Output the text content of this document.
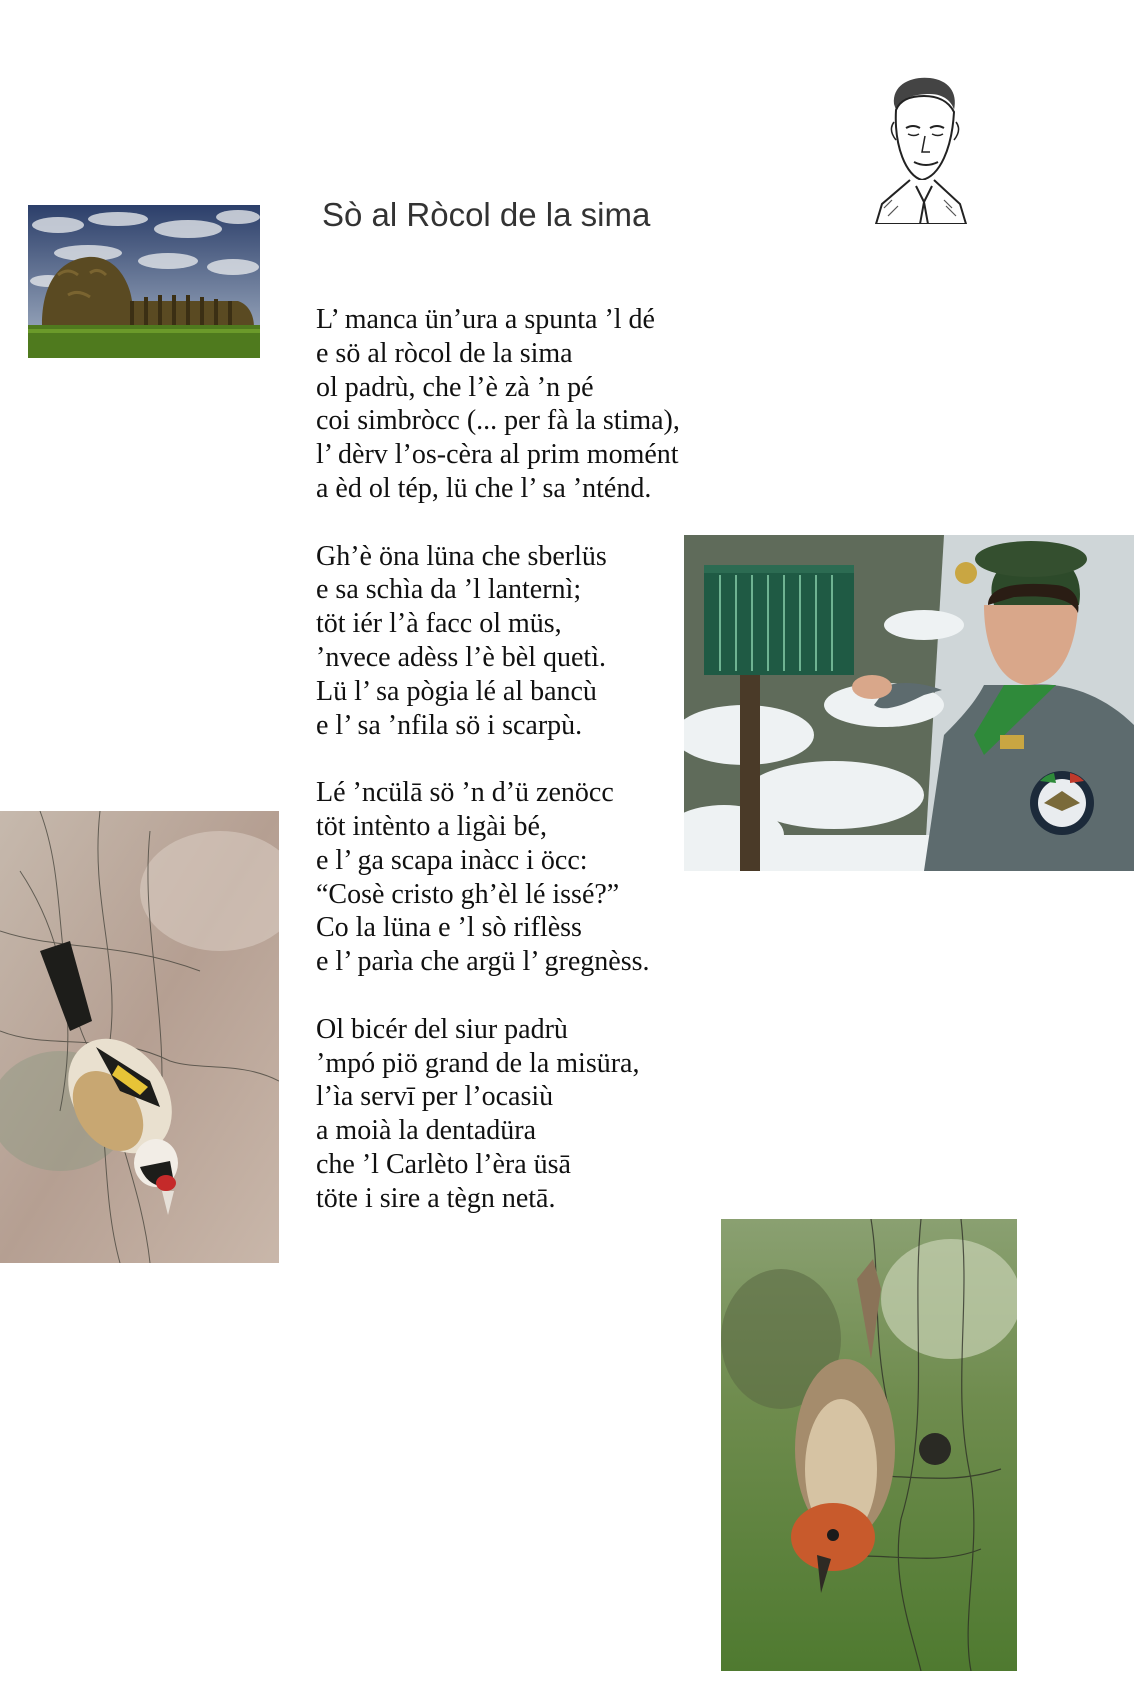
Sò al Ròcol de la sima

L’ manca ün’ura a spunta ’l dé
e sö al ròcol de la sima
ol padrù, che l’è zà ’n pé
coi simbròcc (... per fà la stima),
l’ dèrv l’os-cèra al prim momént
a èd ol tép, lü che l’ sa ’nténd.

Gh’è öna lüna che sberlüs
e sa schìa da ’l lanternì;
töt iér l’à facc ol müs,
’nvece adèss l’è bèl quetì.
Lü l’ sa pògia lé al bancù
e l’ sa ’nfila sö i scarpù.

Lé ’ncülā sö ’n d’ü zenöcc
töt intènto a ligài bé,
e l’ ga scapa inàcc i öcc:
“Cosè cristo gh’èl lé issé?”
Co la lüna e ’l sò riflèss
e l’ parìa che argü l’ gregnèss.

Ol bicér del siur padrù
’mpó piö grand de la misüra,
l’ìa servī per l’ocasiù
a moià la dentadüra
che ’l Carlèto l’èra üsā
töte i sire a tègn netā.
